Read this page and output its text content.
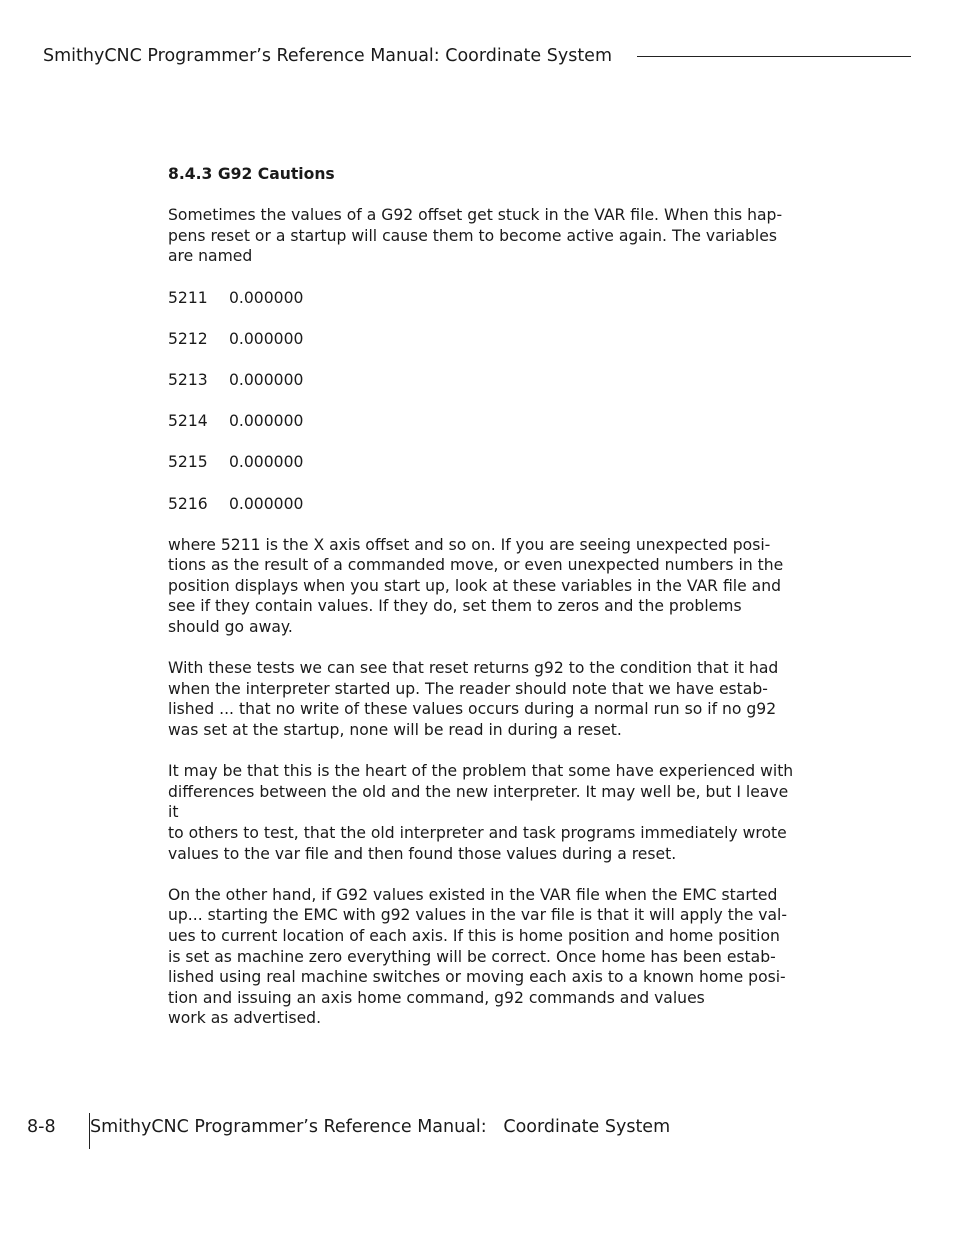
SmithyCNC Programmer’s Reference Manual: Coordinate System
8.4.3 G92 Cautions
Sometimes the values of a G92 offset get stuck in the VAR file. When this hap-
pens reset or a startup will cause them to become active again. The variables
are named
5211 0.000000
5212 0.000000
5213 0.000000
5214 0.000000
5215 0.000000
5216 0.000000
where 5211 is the X axis offset and so on. If you are seeing unexpected posi-
tions as the result of a commanded move, or even unexpected numbers in the
position displays when you start up, look at these variables in the VAR file and
see if they contain values. If they do, set them to zeros and the problems
should go away.
With these tests we can see that reset returns g92 to the condition that it had
when the interpreter started up. The reader should note that we have estab-
lished ... that no write of these values occurs during a normal run so if no g92
was set at the startup, none will be read in during a reset.
It may be that this is the heart of the problem that some have experienced with
differences between the old and the new interpreter. It may well be, but I leave
it
to others to test, that the old interpreter and task programs immediately wrote
values to the var file and then found those values during a reset.
On the other hand, if G92 values existed in the VAR file when the EMC started
up... starting the EMC with g92 values in the var file is that it will apply the val-
ues to current location of each axis. If this is home position and home position
is set as machine zero everything will be correct. Once home has been estab-
lished using real machine switches or moving each axis to a known home posi-
tion and issuing an axis home command, g92 commands and values
work as advertised.
8-8 SmithyCNC Programmer’s Reference Manual:   Coordinate System
